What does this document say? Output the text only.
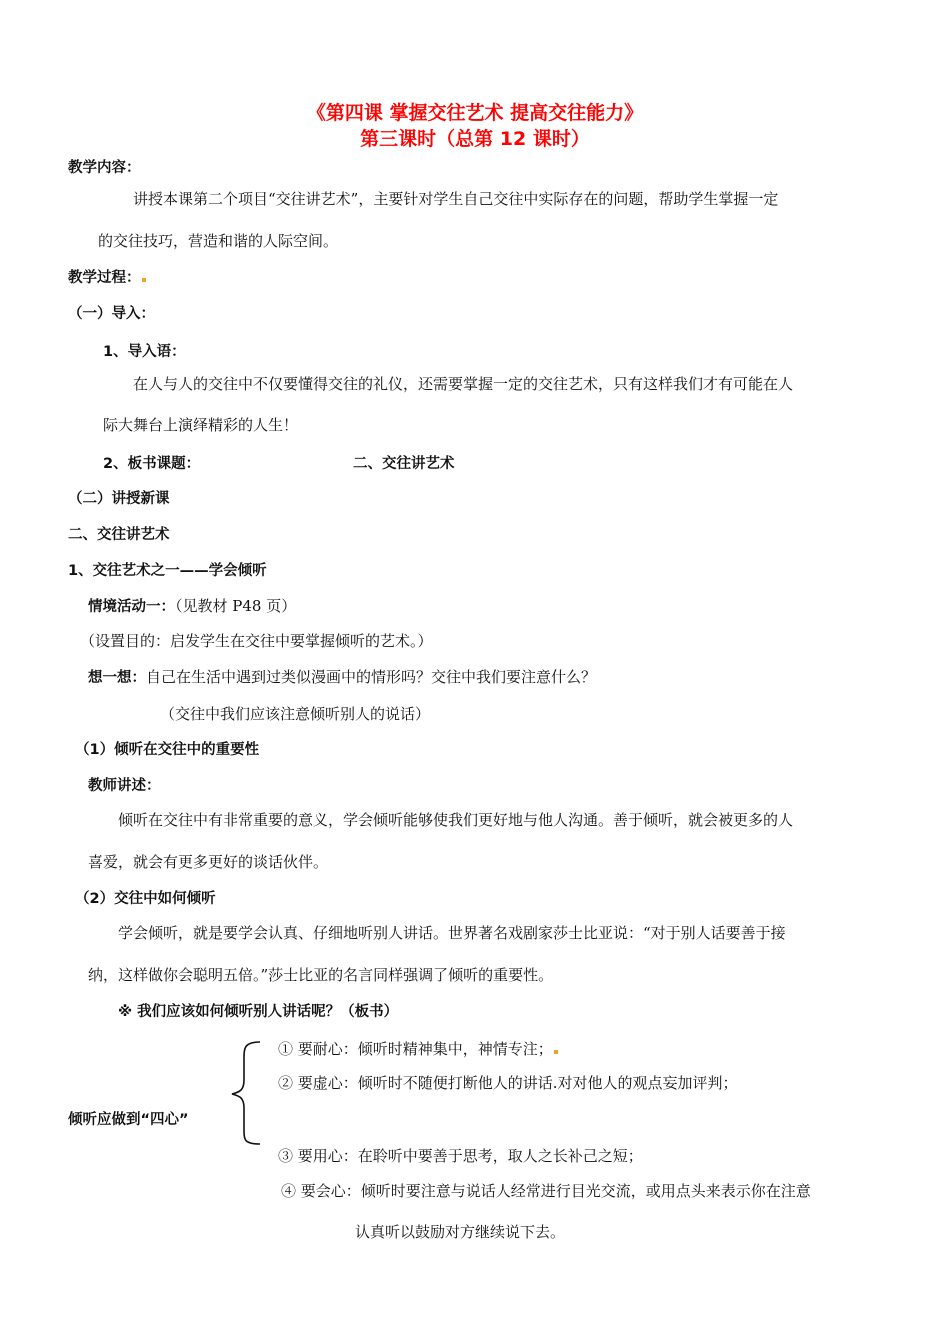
《第四课 掌握交往艺术 提高交往能力》
第三课时（总第 12 课时）
教学内容：
讲授本课第二个项目“交往讲艺术”，主要针对学生自己交往中实际存在的问题，帮助学生掌握一定
的交往技巧，营造和谐的人际空间。
教学过程：
（一）导入：
1、导入语：
在人与人的交往中不仅要懂得交往的礼仪，还需要掌握一定的交往艺术，只有这样我们才有可能在人
际大舞台上演绎精彩的人生！
2、板书课题：	二、交往讲艺术
（二）讲授新课
二、交往讲艺术
1、交往艺术之一——学会倾听
情境活动一：（见教材 P48 页）
（设置目的：启发学生在交往中要掌握倾听的艺术。）
想一想：自己在生活中遇到过类似漫画中的情形吗？交往中我们要注意什么？
（交往中我们应该注意倾听别人的说话）
（1）倾听在交往中的重要性
教师讲述：
倾听在交往中有非常重要的意义，学会倾听能够使我们更好地与他人沟通。善于倾听，就会被更多的人
喜爱，就会有更多更好的谈话伙伴。
（2）交往中如何倾听
学会倾听，就是要学会认真、仔细地听别人讲话。世界著名戏剧家莎士比亚说：“对于别人话要善于接
纳，这样做你会聪明五倍。”莎士比亚的名言同样强调了倾听的重要性。
※ 我们应该如何倾听别人讲话呢？（板书）
倾听应做到“四心”
① 要耐心：倾听时精神集中，神情专注；
② 要虚心：倾听时不随便打断他人的讲话.对对他人的观点妄加评判；
③ 要用心：在聆听中要善于思考，取人之长补己之短；
④ 要会心：倾听时要注意与说话人经常进行目光交流，或用点头来表示你在注意
认真听以鼓励对方继续说下去。
